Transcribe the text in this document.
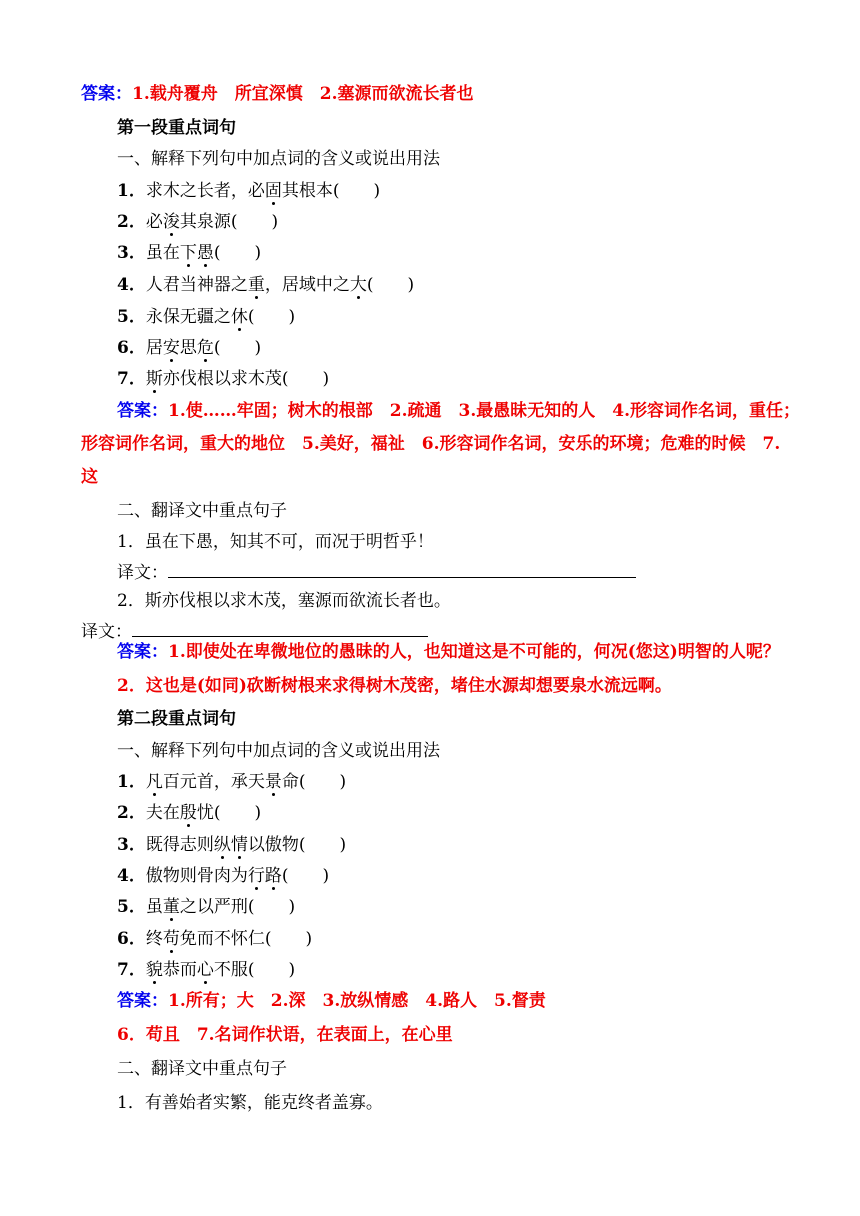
答案：1.载舟覆舟　所宜深慎　2.塞源而欲流长者也
第一段重点词句
一、解释下列句中加点词的含义或说出用法
1．求木之长者，必固其根本(　　)
2．必浚其泉源(　　)
3．虽在下愚(　　)
4．人君当神器之重，居域中之大(　　)
5．永保无疆之休(　　)
6．居安思危(　　)
7．斯亦伐根以求木茂(　　)
答案：1.使……牢固；树木的根部　2.疏通　3.最愚昧无知的人　4.形容词作名词，重任；
形容词作名词，重大的地位　5.美好，福祉　6.形容词作名词，安乐的环境；危难的时候　7.
这
二、翻译文中重点句子
1．虽在下愚，知其不可，而况于明哲乎！
译文：
2．斯亦伐根以求木茂，塞源而欲流长者也。
译文：
答案：1.即使处在卑微地位的愚昧的人，也知道这是不可能的，何况(您这)明智的人呢？
2．这也是(如同)砍断树根来求得树木茂密，堵住水源却想要泉水流远啊。
第二段重点词句
一、解释下列句中加点词的含义或说出用法
1．凡百元首，承天景命(　　)
2．夫在殷忧(　　)
3．既得志则纵情以傲物(　　)
4．傲物则骨肉为行路(　　)
5．虽董之以严刑(　　)
6．终苟免而不怀仁(　　)
7．貌恭而心不服(　　)
答案：1.所有；大　2.深　3.放纵情感　4.路人　5.督责
6．苟且　7.名词作状语，在表面上，在心里
二、翻译文中重点句子
1．有善始者实繁，能克终者盖寡。
